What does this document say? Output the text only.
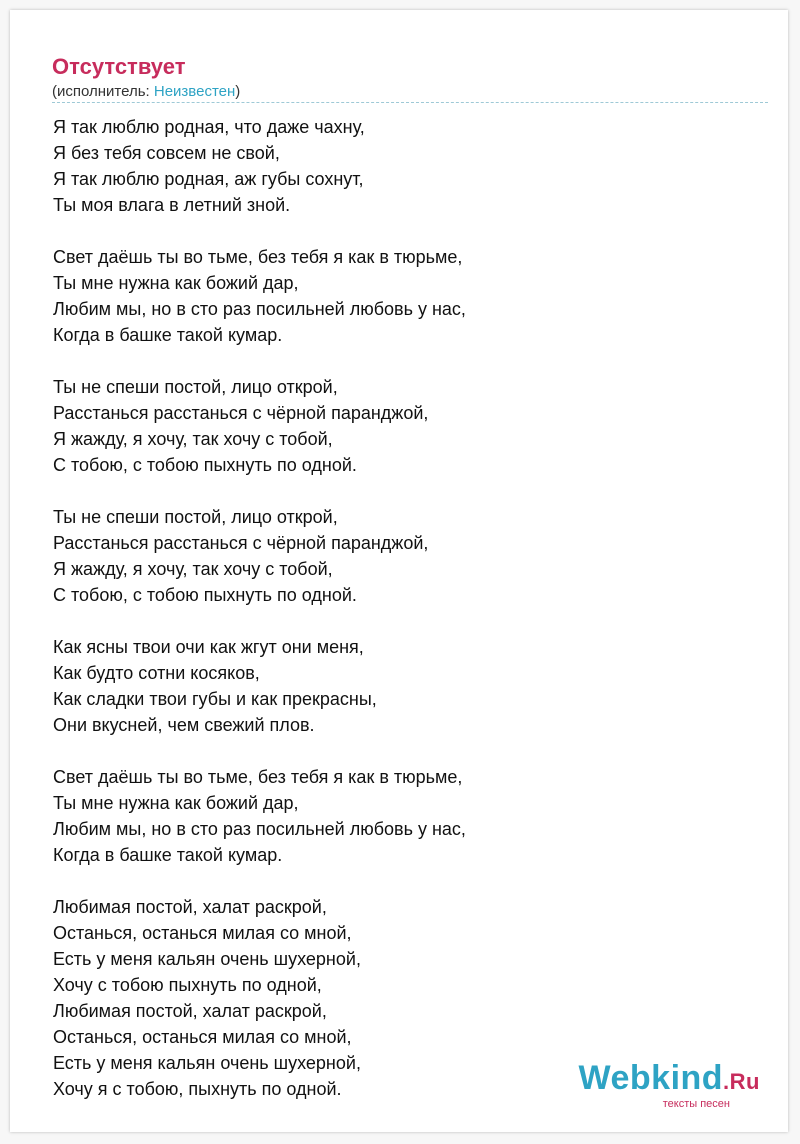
Отсутствует
(исполнитель: Неизвестен)
Я так люблю родная, что даже чахну,
Я без тебя совсем не свой,
Я так люблю родная, аж губы сохнут,
Ты моя влага в летний зной.
Свет даёшь ты во тьме, без тебя я как в тюрьме,
Ты мне нужна как божий дар,
Любим мы, но в сто раз посильней любовь у нас,
Когда в башке такой кумар.
Ты не спеши постой, лицо открой,
Расстанься расстанься с чёрной паранджой,
Я жажду, я хочу, так хочу с тобой,
С тобою, с тобою пыхнуть по одной.
Ты не спеши постой, лицо открой,
Расстанься расстанься с чёрной паранджой,
Я жажду, я хочу, так хочу с тобой,
С тобою, с тобою пыхнуть по одной.
Как ясны твои очи как жгут они меня,
Как будто сотни косяков,
Как сладки твои губы и как прекрасны,
Они вкусней, чем свежий плов.
Свет даёшь ты во тьме, без тебя я как в тюрьме,
Ты мне нужна как божий дар,
Любим мы, но в сто раз посильней любовь у нас,
Когда в башке такой кумар.
Любимая постой, халат раскрой,
Останься, останься милая со мной,
Есть у меня кальян очень шухерной,
Хочу с тобою пыхнуть по одной,
Любимая постой, халат раскрой,
Останься, останься милая со мной,
Есть у меня кальян очень шухерной,
Хочу я с тобою, пыхнуть по одной.	Webkind.Ru
тексты песен
